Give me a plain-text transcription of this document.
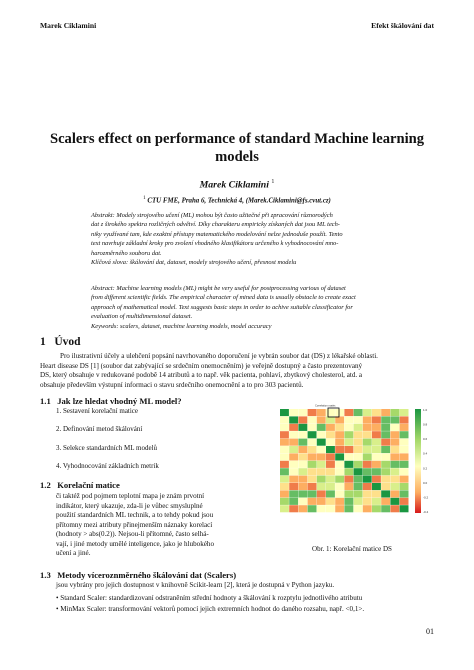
Marek Ciklamini	Efekt škálování dat
Scalers effect on performance of standard Machine learning models
Marek Ciklamini $^1$
$^1$ CTU FME, Praha 6, Technická 4, (Marek.Ciklamini@fs.cvut.cz)
Abstrakt: Modely strojového učení (ML) mohou být často užitečné při zpracování různorodých
dat z širokého spektra rozličných odvětví. Díky charakteru empiricky získaných dat jsou ML tech-
niky využívané tam, kde exaktní přístupy matematického modelování nelze jednoduše použít. Tento
text navrhuje základní kroky pro zvolení vhodného klasifikátoru určeného k vyhodnocování mno-
harozměrného souboru dat.
Klíčová slova: škálování dat, dataset, modely strojového učení, přesnost modelu
Abstract: Machine learning models (ML) might be very useful for postprocessing various of dataset
from different scientific fields. The empirical character of mined data is usually obstacle to create exact
approach of mathematical model. Text suggests basic steps in order to achive suitable classificator for
evaluation of multidimensional dataset.
Keywords: scalers, dataset, machine learning models, model accuracy
1 Úvod
Pro ilustrativní účely a ulehčení popsání navrhovaného doporučení je vybrán soubor dat (DS) z lékařské oblasti.
Heart disease DS [1] (soubor dat zabývající se srdečním onemocněním) je veřejně dostupný a často prezentovaný
DS, který obsahuje v redukované podobě 14 atributů a to např. věk pacienta, pohlaví, zbytkový cholesterol, atd. a
obsahuje především výstupní informaci o stavu srdečního onemocnění a to pro 303 pacientů.
1.1 Jak lze hledat vhodný ML model?
1. Sestavení korelační matice
2. Definování metod škálování
3. Selekce standardních ML modelů
4. Vyhodnocování základních metrik
1.2 Korelační matice
či taktéž pod pojmem teplotní mapa je znám prvotní
indikátor, který ukazuje, zda-li je vůbec smysluplné
použití standardních ML technik, a to tehdy pokud jsou
přítomny mezi atributy přinejmenším náznaky korelací
(hodnoty > abs(0.2)). Nejsou-li přítomné, často selhá-
vají, i jiné metody umělé inteligence, jako je hlubokého
učení a jiné.
Correlation matrix
1.0
0.8
0.6
0.4
0.2
0.0
-0.2
-0.4
Obr. 1: Korelační matice DS
1.3 Metody víceroznměrného škálování dat (Scalers)
jsou vybrány pro jejich dostupnost v knihovně Scikit-learn [2], která je dostupná v Python jazyku.
• Standard Scaler: standardizovaní odstraněním střední hodnoty a škálování k rozptylu jednotlivého atributu
• MinMax Scaler: transformování vektorů pomocí jejich extremních hodnot do daného rozsahu, např. <0,1>.
01
